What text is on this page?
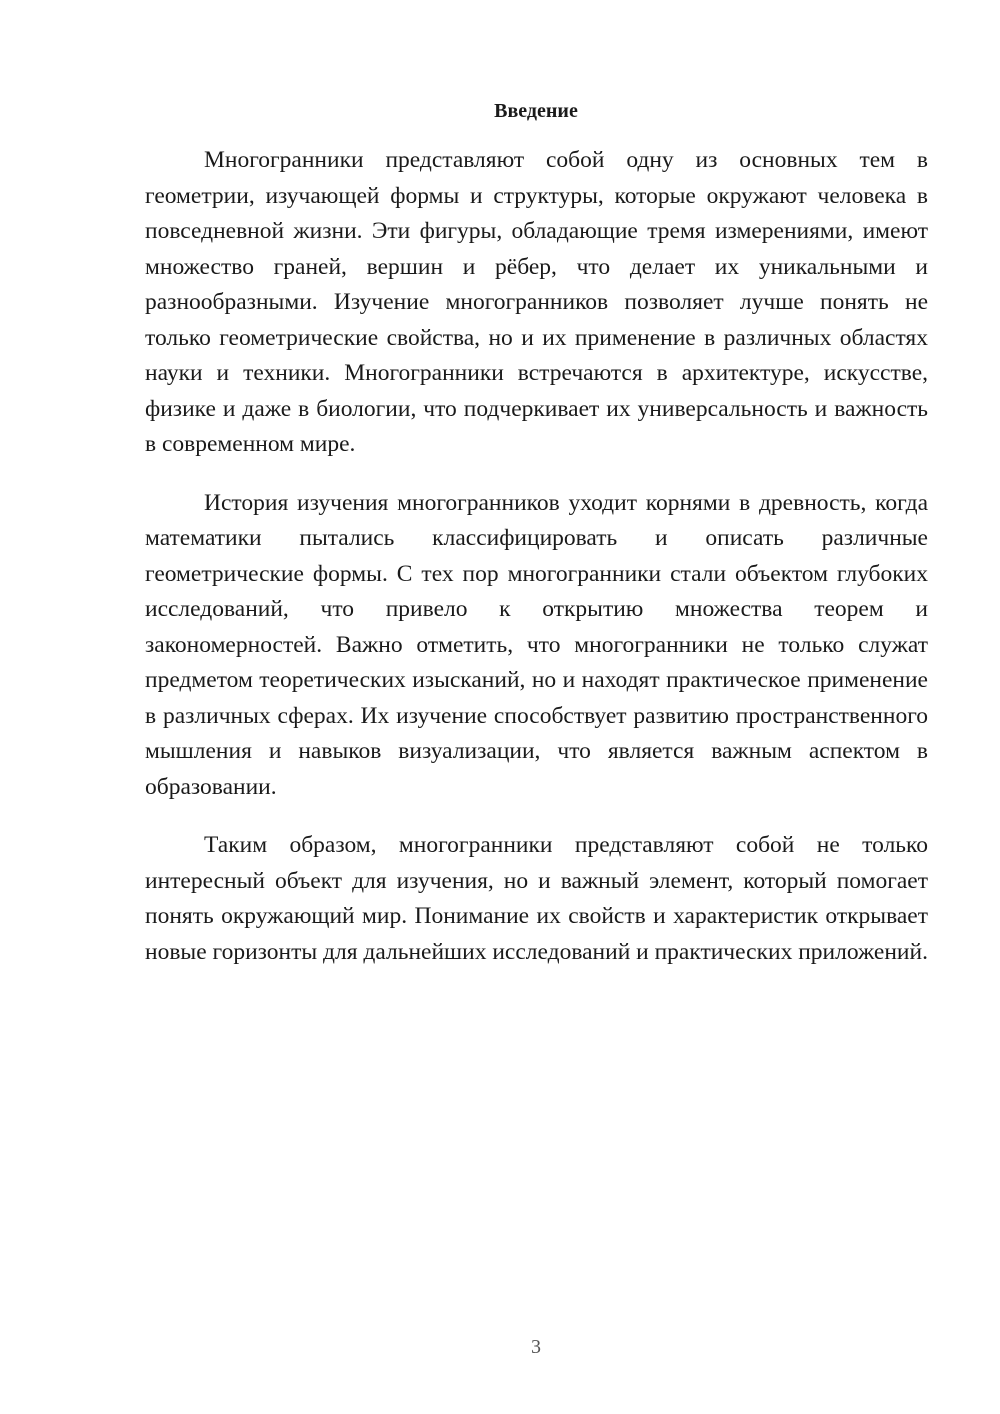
Введение

Многогранники представляют собой одну из основных тем в геометрии, изучающей формы и структуры, которые окружают человека в повседневной жизни. Эти фигуры, обладающие тремя измерениями, имеют множество граней, вершин и рёбер, что делает их уникальными и разнообразными. Изучение многогранников позволяет лучше понять не только геометрические свойства, но и их применение в различных областях науки и техники. Многогранники встречаются в архитектуре, искусстве, физике и даже в биологии, что подчеркивает их универсальность и важность в современном мире.

История изучения многогранников уходит корнями в древность, когда математики пытались классифицировать и описать различные геометрические формы. С тех пор многогранники стали объектом глубоких исследований, что привело к открытию множества теорем и закономерностей. Важно отметить, что многогранники не только служат предметом теоретических изысканий, но и находят практическое применение в различных сферах. Их изучение способствует развитию пространственного мышления и навыков визуализации, что является важным аспектом в образовании.

Таким образом, многогранники представляют собой не только интересный объект для изучения, но и важный элемент, который помогает понять окружающий мир. Понимание их свойств и характеристик открывает новые горизонты для дальнейших исследований и практических приложений.

3
